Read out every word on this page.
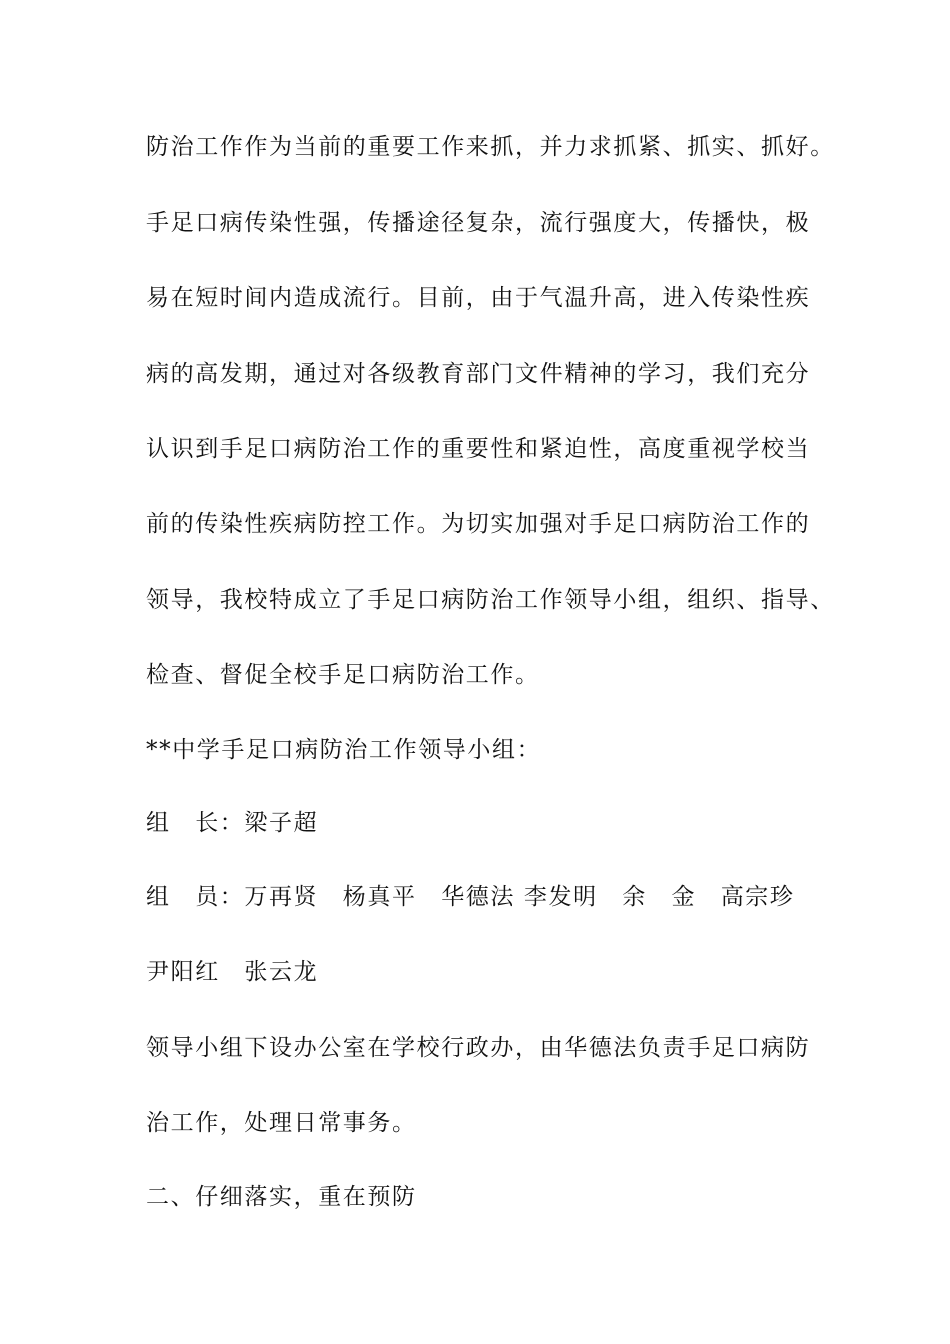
防治工作作为当前的重要工作来抓，并力求抓紧、抓实、抓好。
手足口病传染性强，传播途径复杂，流行强度大，传播快，极
易在短时间内造成流行。目前，由于气温升高，进入传染性疾
病的高发期，通过对各级教育部门文件精神的学习，我们充分
认识到手足口病防治工作的重要性和紧迫性，高度重视学校当
前的传染性疾病防控工作。为切实加强对手足口病防治工作的
领导，我校特成立了手足口病防治工作领导小组，组织、指导、
检查、督促全校手足口病防治工作。
**中学手足口病防治工作领导小组：
组　长：梁子超
组　员：万再贤　杨真平　华德法 李发明　余　金　高宗珍
尹阳红　张云龙
领导小组下设办公室在学校行政办，由华德法负责手足口病防
治工作，处理日常事务。
二、仔细落实，重在预防
